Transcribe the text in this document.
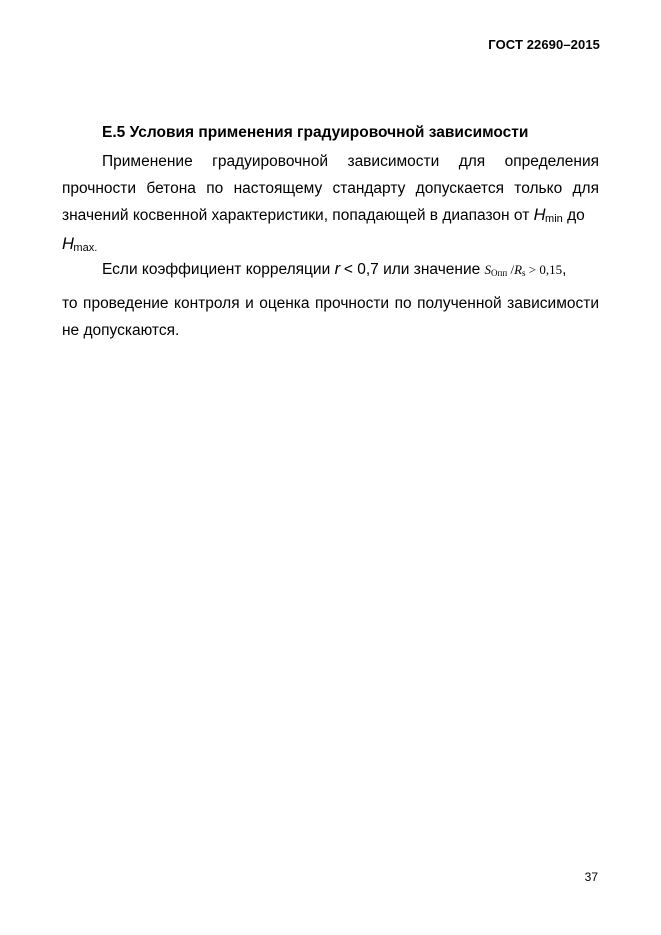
ГОСТ 22690–2015
Е.5 Условия применения градуировочной зависимости
Применение градуировочной зависимости для определения
прочности бетона по настоящему стандарту допускается только для значений косвенной характеристики, попадающей в диапазон от Hmin до
Hmax.
Если коэффициент корреляции r < 0,7 или значение SОпп /Rs > 0,15,
то проведение контроля и оценка прочности по полученной зависимости не допускаются.
37
